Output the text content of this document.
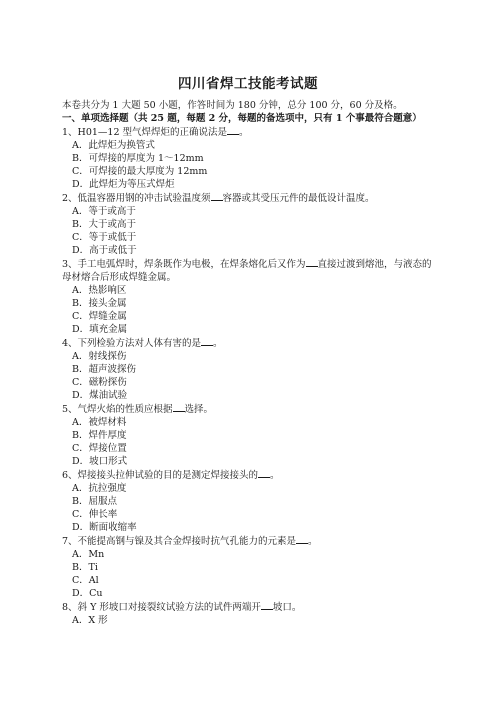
四川省焊工技能考试题

本卷共分为 1 大题 50 小题，作答时间为 180 分钟，总分 100 分，60 分及格。

一、单项选择题（共 25 题，每题 2 分，每题的备选项中，只有 1 个事最符合题意）

1、H01—12 型气焊焊炬的正确说法是 。

A．此焊炬为换管式

B．可焊接的厚度为 1～12mm

C．可焊接的最大厚度为 12mm

D．此焊炬为等压式焊炬

2、低温容器用钢的冲击试验温度须 容器或其受压元件的最低设计温度。

A．等于或高于

B．大于或高于

C．等于或低于

D．高于或低于

3、手工电弧焊时，焊条既作为电极，在焊条熔化后又作为 直接过渡到熔池，与液态的母材熔合后形成焊缝金属。

A．热影响区

B．接头金属

C．焊缝金属

D．填充金属

4、下列检验方法对人体有害的是 。

A．射线探伤

B．超声波探伤

C．磁粉探伤

D．煤油试验

5、气焊火焰的性质应根据 选择。

A．被焊材料

B．焊件厚度

C．焊接位置

D．坡口形式

6、焊接接头拉伸试验的目的是测定焊接接头的 。

A．抗拉强度

B．屈服点

C．伸长率

D．断面收缩率

7、不能提高钢与镍及其合金焊接时抗气孔能力的元素是 。

A．Mn

B．Ti

C．Al

D．Cu

8、斜 Y 形坡口对接裂纹试验方法的试件两端开 坡口。

A．X 形
